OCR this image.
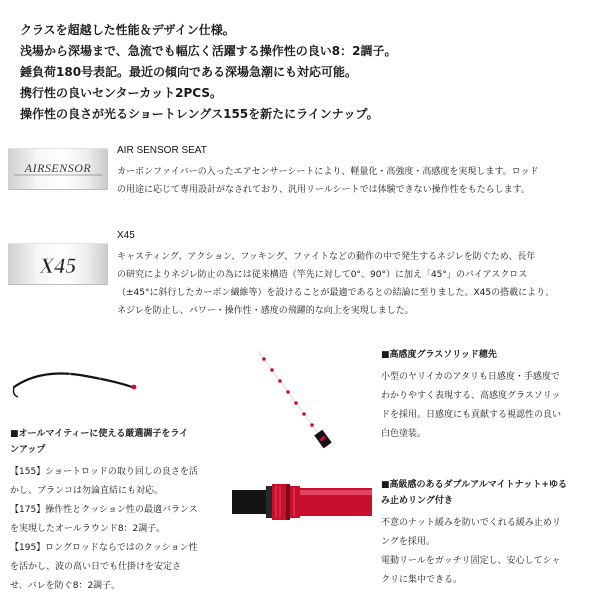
クラスを超越した性能＆デザイン仕様。
浅場から深場まで、急流でも幅広く活躍する操作性の良い8：2調子。
錘負荷180号表記。最近の傾向である深場急潮にも対応可能。
携行性の良いセンターカット2PCS。
操作性の良さが光るショートレングス155を新たにラインナップ。
AIRSENSOR
AIR SENSOR SEAT
カーボンファイバーの入ったエアセンサーシートにより、軽量化・高強度・高感度を実現します。ロッド
の用途に応じて専用設計がなされており、汎用リールシートでは体験できない操作性をもたらします。
X45
X45
キャスティング、アクション、フッキング、ファイトなどの動作の中で発生するネジレを防ぐため、長年
の研究によりネジレ防止の為には従来構造（竿先に対して0°、90°）に加え「45°」のバイアスクロス
（±45°に斜行したカーボン繊維等）を設けることが最適であるとの結論に至りました。X45の搭載により、
ネジレを防止し、パワー・操作性・感度の飛躍的な向上を実現しました。
■オールマイティーに使える厳選調子をライ
ンアップ
【155】ショートロッドの取り回しの良さを活
かし、ブランコは勿論直結にも対応。
【175】操作性とクッション性の最適バランス
を実現したオールラウンド8：2調子。
【195】ロングロッドならではのクッション性
を活かし、波の高い日でも仕掛けを安定さ
せ、バレを防ぐ8：2調子。
■高感度グラスソリッド穂先
小型のヤリイカのアタリも日感度・手感度で
わかりやすく表現する、高感度グラスソリッ
ドを採用。日感度にも貢献する視認性の良い
白色塗装。
■高級感のあるダブルアルマイトナット+ゆる
み止めリング付き
不意のナット緩みを防いでくれる緩み止めリ
ングを採用。
電動リールをガッチリ固定し、安心してシャ
クリに集中できる。
